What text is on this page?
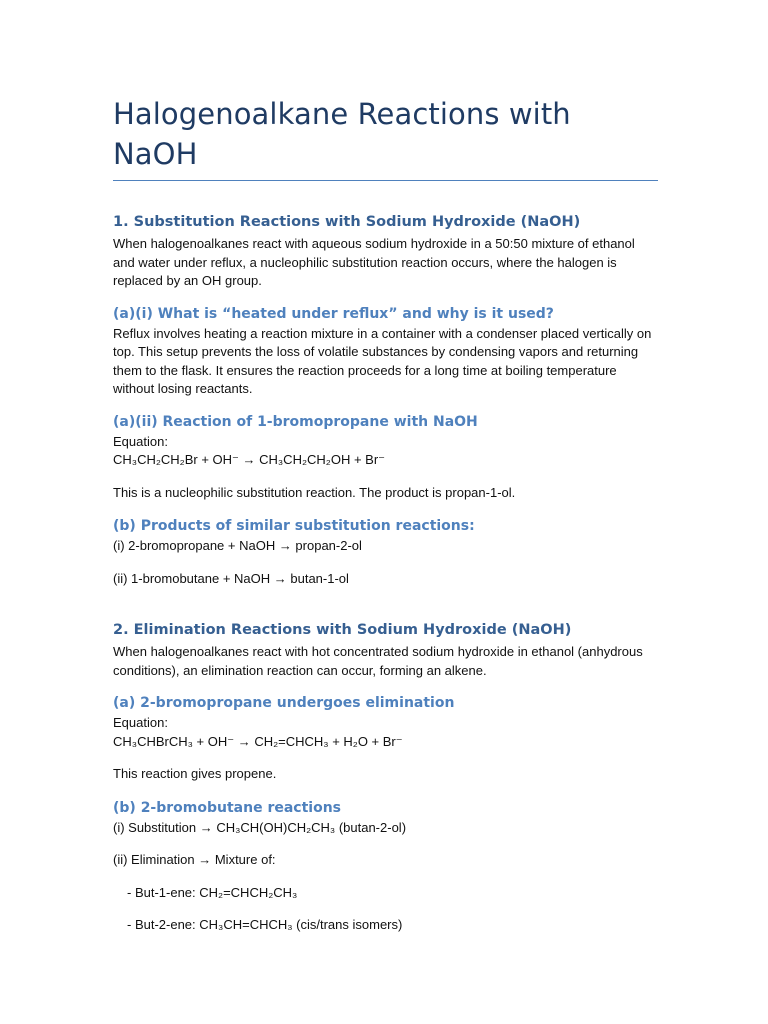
Halogenoalkane Reactions with NaOH
1. Substitution Reactions with Sodium Hydroxide (NaOH)

When halogenoalkanes react with aqueous sodium hydroxide in a 50:50 mixture of ethanol and water under reflux, a nucleophilic substitution reaction occurs, where the halogen is replaced by an OH group.

(a)(i) What is “heated under reflux” and why is it used?

Reflux involves heating a reaction mixture in a container with a condenser placed vertically on top. This setup prevents the loss of volatile substances by condensing vapors and returning them to the flask. It ensures the reaction proceeds for a long time at boiling temperature without losing reactants.

(a)(ii) Reaction of 1-bromopropane with NaOH

Equation:

CH₃CH₂CH₂Br + OH⁻ → CH₃CH₂CH₂OH + Br⁻

This is a nucleophilic substitution reaction. The product is propan-1-ol.

(b) Products of similar substitution reactions:

(i) 2-bromopropane + NaOH → propan-2-ol

(ii) 1-bromobutane + NaOH → butan-1-ol

2. Elimination Reactions with Sodium Hydroxide (NaOH)

When halogenoalkanes react with hot concentrated sodium hydroxide in ethanol (anhydrous conditions), an elimination reaction can occur, forming an alkene.

(a) 2-bromopropane undergoes elimination

Equation:

CH₃CHBrCH₃ + OH⁻ → CH₂=CHCH₃ + H₂O + Br⁻

This reaction gives propene.

(b) 2-bromobutane reactions

(i) Substitution → CH₃CH(OH)CH₂CH₃ (butan-2-ol)

(ii) Elimination → Mixture of:

- But-1-ene: CH₂=CHCH₂CH₃

- But-2-ene: CH₃CH=CHCH₃ (cis/trans isomers)
